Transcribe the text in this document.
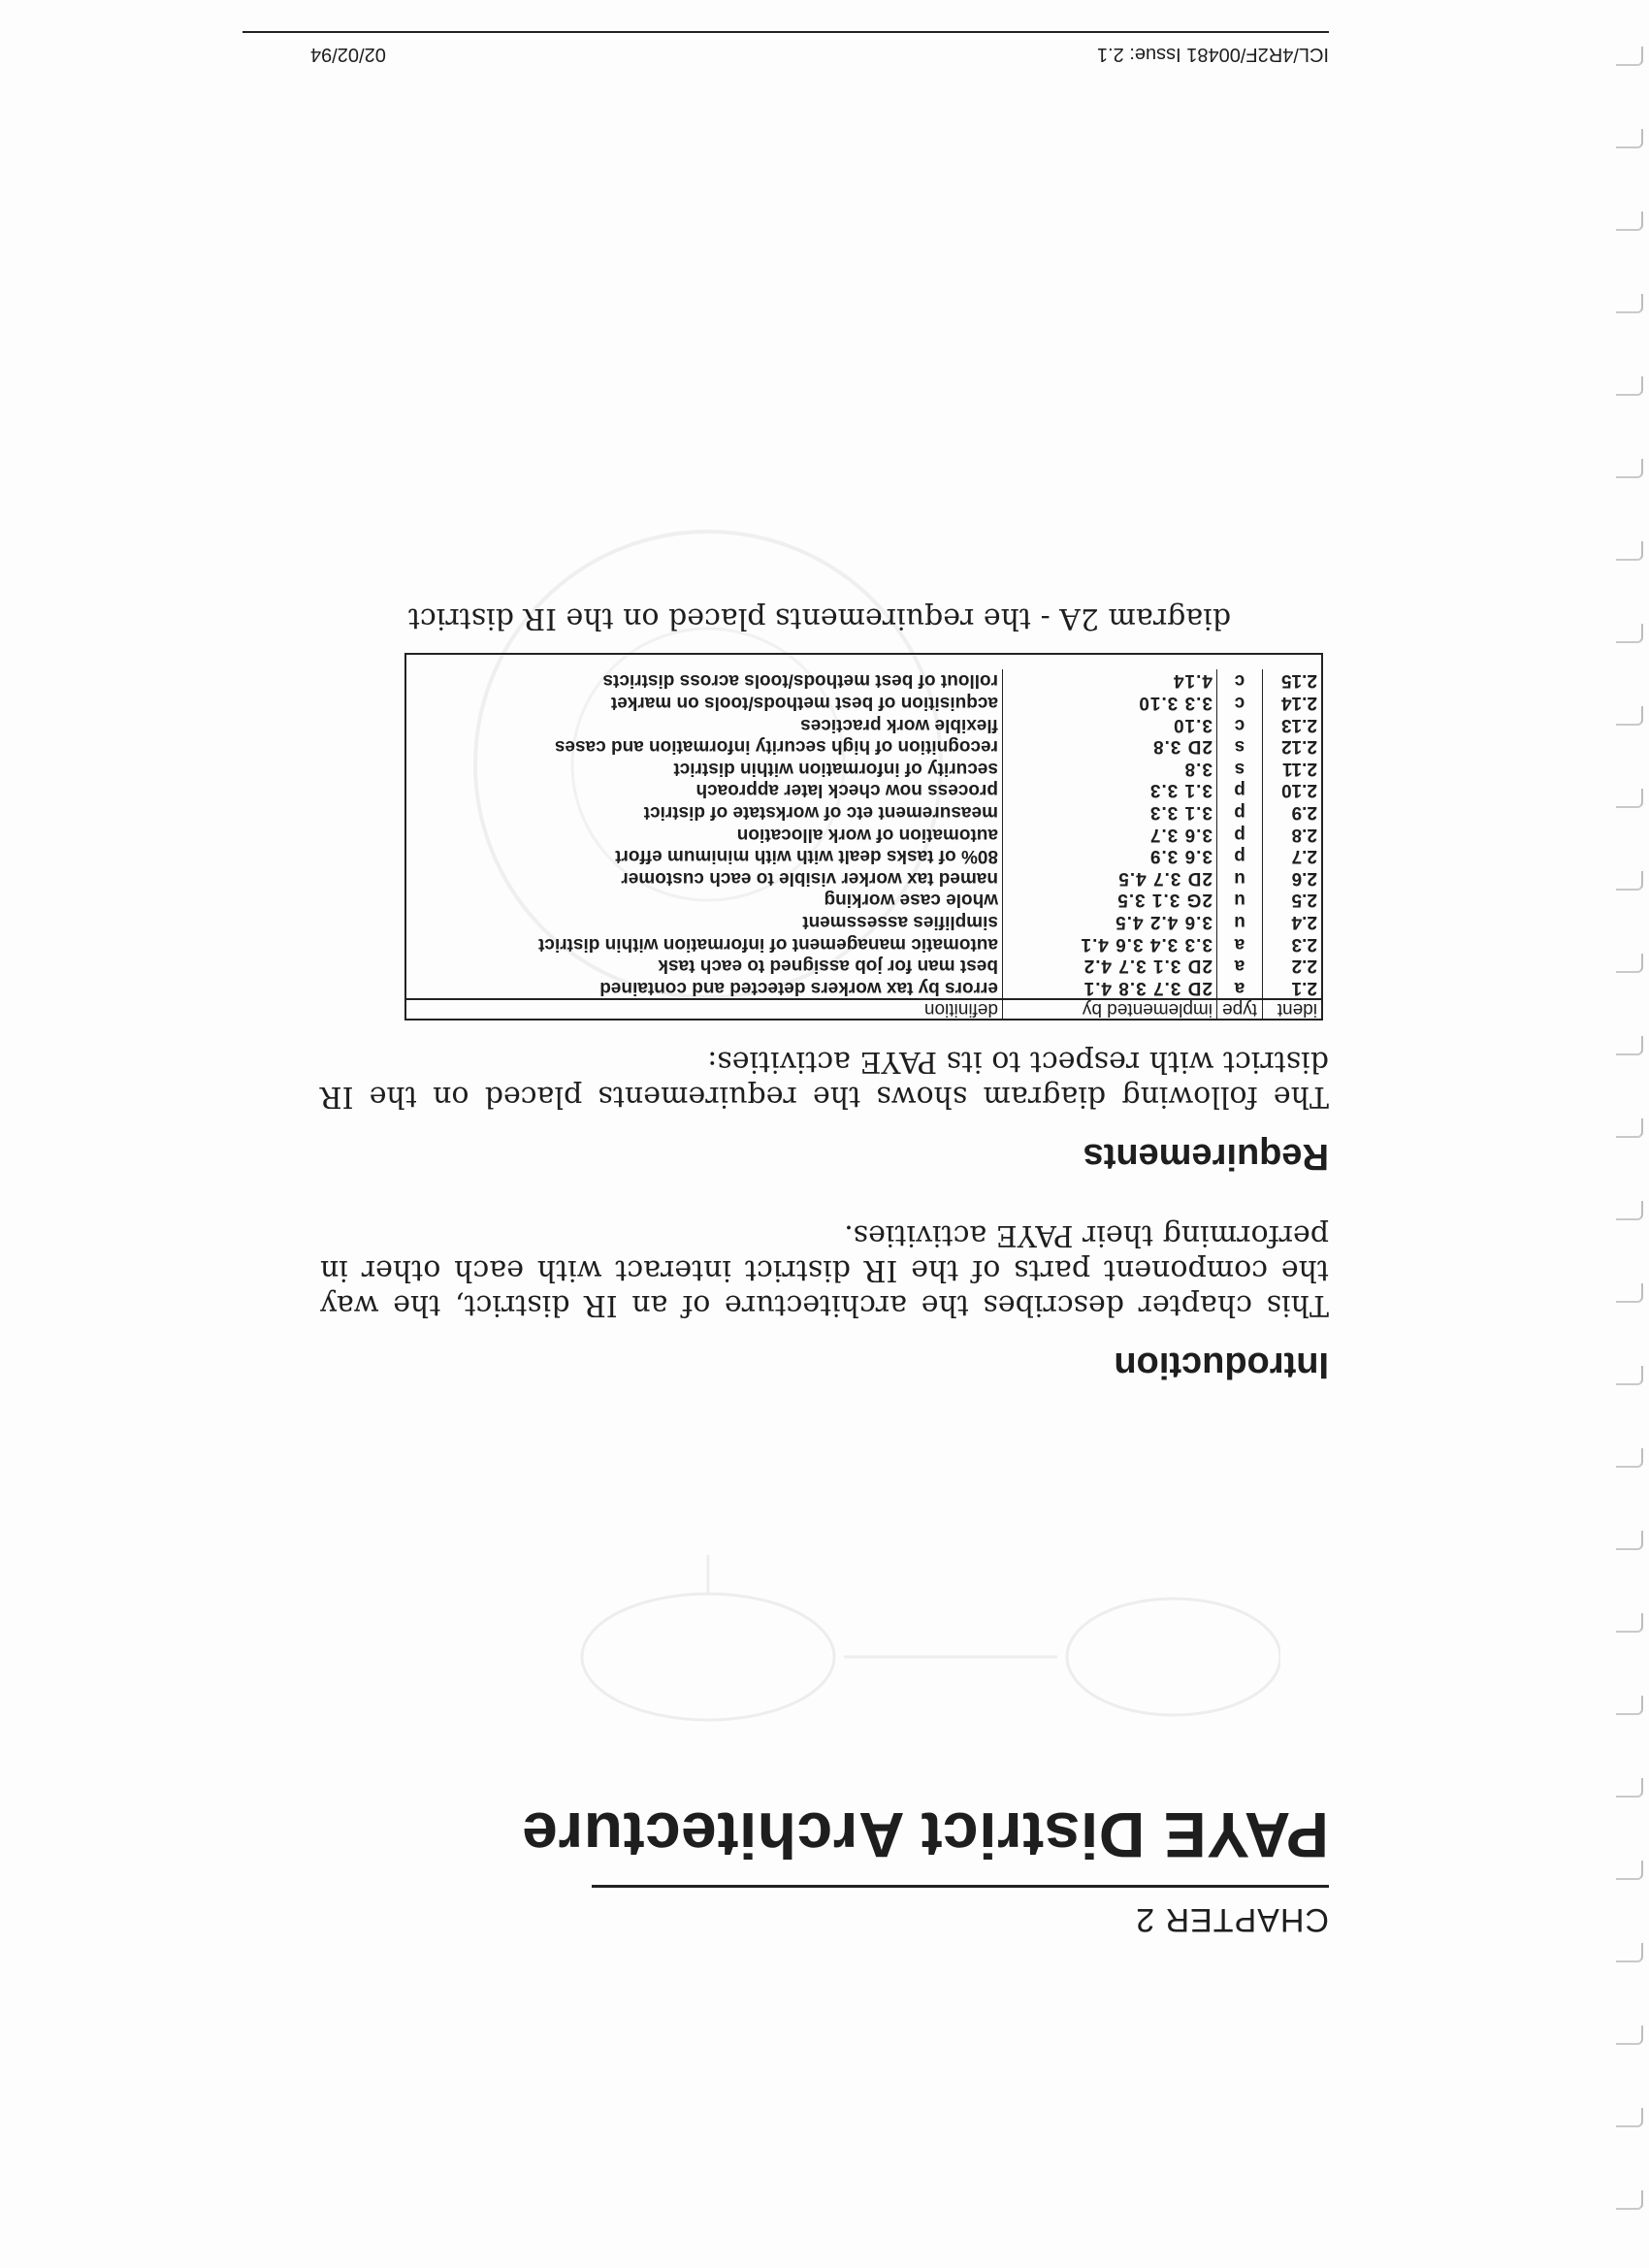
CHAPTER 2
PAYE District Architecture
Introduction

This chapter describes the architecture of an IR district, the way the component parts of the IR district interact with each other in performing their PAYE activities.

Requirements

The following diagram shows the requirements placed on the IR district with respect to its PAYE activities:

ident	type	implemented by	definition
2.1	a	2D 3.7 3.8 4.1	errors by tax workers detected and contained
2.2	a	2D 3.1 3.7 4.2	best man for job assigned to each task
2.3	a	3.3 3.4 3.6 4.1	automatic management of information within district
2.4	u	3.6 4.2 4.5	simplifies assessment
2.5	u	2G 3.1 3.5	whole case working
2.6	u	2D 3.7 4.5	named tax worker visible to each customer
2.7	p	3.6 3.9	80% of tasks dealt with with minimum effort
2.8	p	3.6 3.7	automation of work allocation
2.9	p	3.1 3.3	measurement etc of workstate of district
2.10	p	3.1 3.3	process now check later approach
2.11	s	3.8	security of information within district
2.12	s	2D 3.8	recognition of high security information and cases
2.13	c	3.10	flexible work practices
2.14	c	3.3 3.10	acquisition of best methods/tools on market
2.15	c	4.14	rollout of best methods/tools across districts
diagram 2A - the requirements placed on the IR district
ICL/4R2F/00481 Issue: 2.1
02/02/94
